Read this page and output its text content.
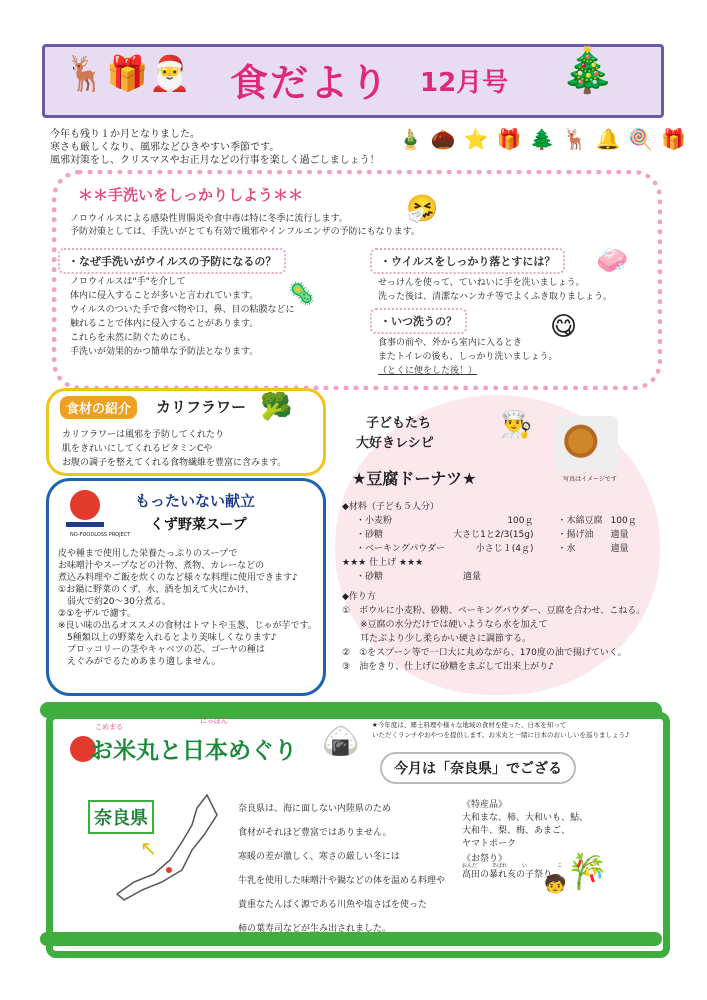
🦌🎁🎅 食だより 12月号 🎄
今年も残り１か月となりました。
寒さも厳しくなり、風邪などひきやすい季節です。
風邪対策をし、クリスマスやお正月などの行事を楽しく過ごしましょう！
🎍 🌰 ⭐ 🎁 🌲 🦌 🔔 🍭 🎁
＊＊手洗いをしっかりしよう＊＊
ノロウイルスによる感染性胃腸炎や食中毒は特に冬季に流行します。
予防対策としては、手洗いがとても有効で風邪やインフルエンザの予防にもなります。
🤧
・なぜ手洗いがウイルスの予防になるの？
ノロウイルスは"手"を介して
体内に侵入することが多いと言われています。
ウイルスのついた手で食べ物や口、鼻、目の粘膜などに
触れることで体内に侵入することがあります。
これらを未然に防ぐためにも、
手洗いが効果的かつ簡単な予防法となります。
🦠
・ウイルスをしっかり落とすには？
せっけんを使って、ていねいに手を洗いましょう。
洗った後は、清潔なハンカチ等でよくふき取りましょう。
🧼
・いつ洗うの？
食事の前や、外から室内に入るとき
またトイレの後も、しっかり洗いましょう。
（とくに便をした後！）
😋
食材の紹介	カリフラワー 🥦
カリフラワーは風邪を予防してくれたり
肌をきれいにしてくれるビタミンCや
お腹の調子を整えてくれる食物繊維を豊富に含みます。
NO-FOODLOSS PROJECT
もったいない献立
くず野菜スープ
皮や種まで使用した栄養たっぷりのスープで
お味噌汁やスープなどの汁物、煮物、カレーなどの
煮込み料理やご飯を炊くのなど様々な料理に使用できます♪
①お鍋に野菜のくず、水、酒を加えて火にかけ、
　弱火で約20～30分煮る。
②①をザルで濾す。
※良い味の出るオススメの食材はトマトや玉葱、じゃが芋です。
　5種類以上の野菜を入れるとより美味しくなります♪
　ブロッコリーの茎やキャベツの芯、ゴーヤの種は
　えぐみがでるためあまり適しません。
子どもたち
大好きレシピ
👨‍🍳
写真はイメージです
★豆腐ドーナツ★
◆材料（子ども５人分）
・小麦粉	100ｇ	・木綿豆腐	100ｇ
・砂糖	大さじ1と2/3(15g)	・揚げ油	適量
・ベーキングパウダー	小さじ１(4ｇ)	・水	適量
★★★ 仕上げ ★★★
・砂糖	適量
◆作り方
①　ボウルに小麦粉、砂糖、ベーキングパウダー、豆腐を合わせ、こねる。
　　※豆腐の水分だけでは硬いようなら水を加えて
　　耳たぶより少し柔らかい硬さに調節する。
②　①をスプーン等で一口大に丸めながら、170度の油で揚げていく。
③　油をきり、仕上げに砂糖をまぶして出来上がり♪
★今年度は、郷土料理や様々な地域の食材を使った、日本を知って
いただくランチやおやつを提供します。お米丸と一緒に日本のおいしいを巡りましょう♪
こめまる
にっぽん
お米丸と日本めぐり 🍙
今月は「奈良県」でござる
奈良県
↖
奈良県は、海に面しない内陸県のため
食材がそれほど豊富ではありません。
寒暖の差が激しく、寒さの厳しい冬には
牛乳を使用した味噌汁や鍋などの体を温める料理や
貴重なたんぱく源である川魚や塩さばを使った
柿の葉寿司などが生み出されました。
《特産品》
大和まな、柿、大和いも、鮎、
大和牛、梨、梅、あまご、
ヤマトポーク
《お祭り》
おんだ　　　あばれ　　　い　　　　　　こ
高田の暴れ亥の子祭り 🎋
🧒
